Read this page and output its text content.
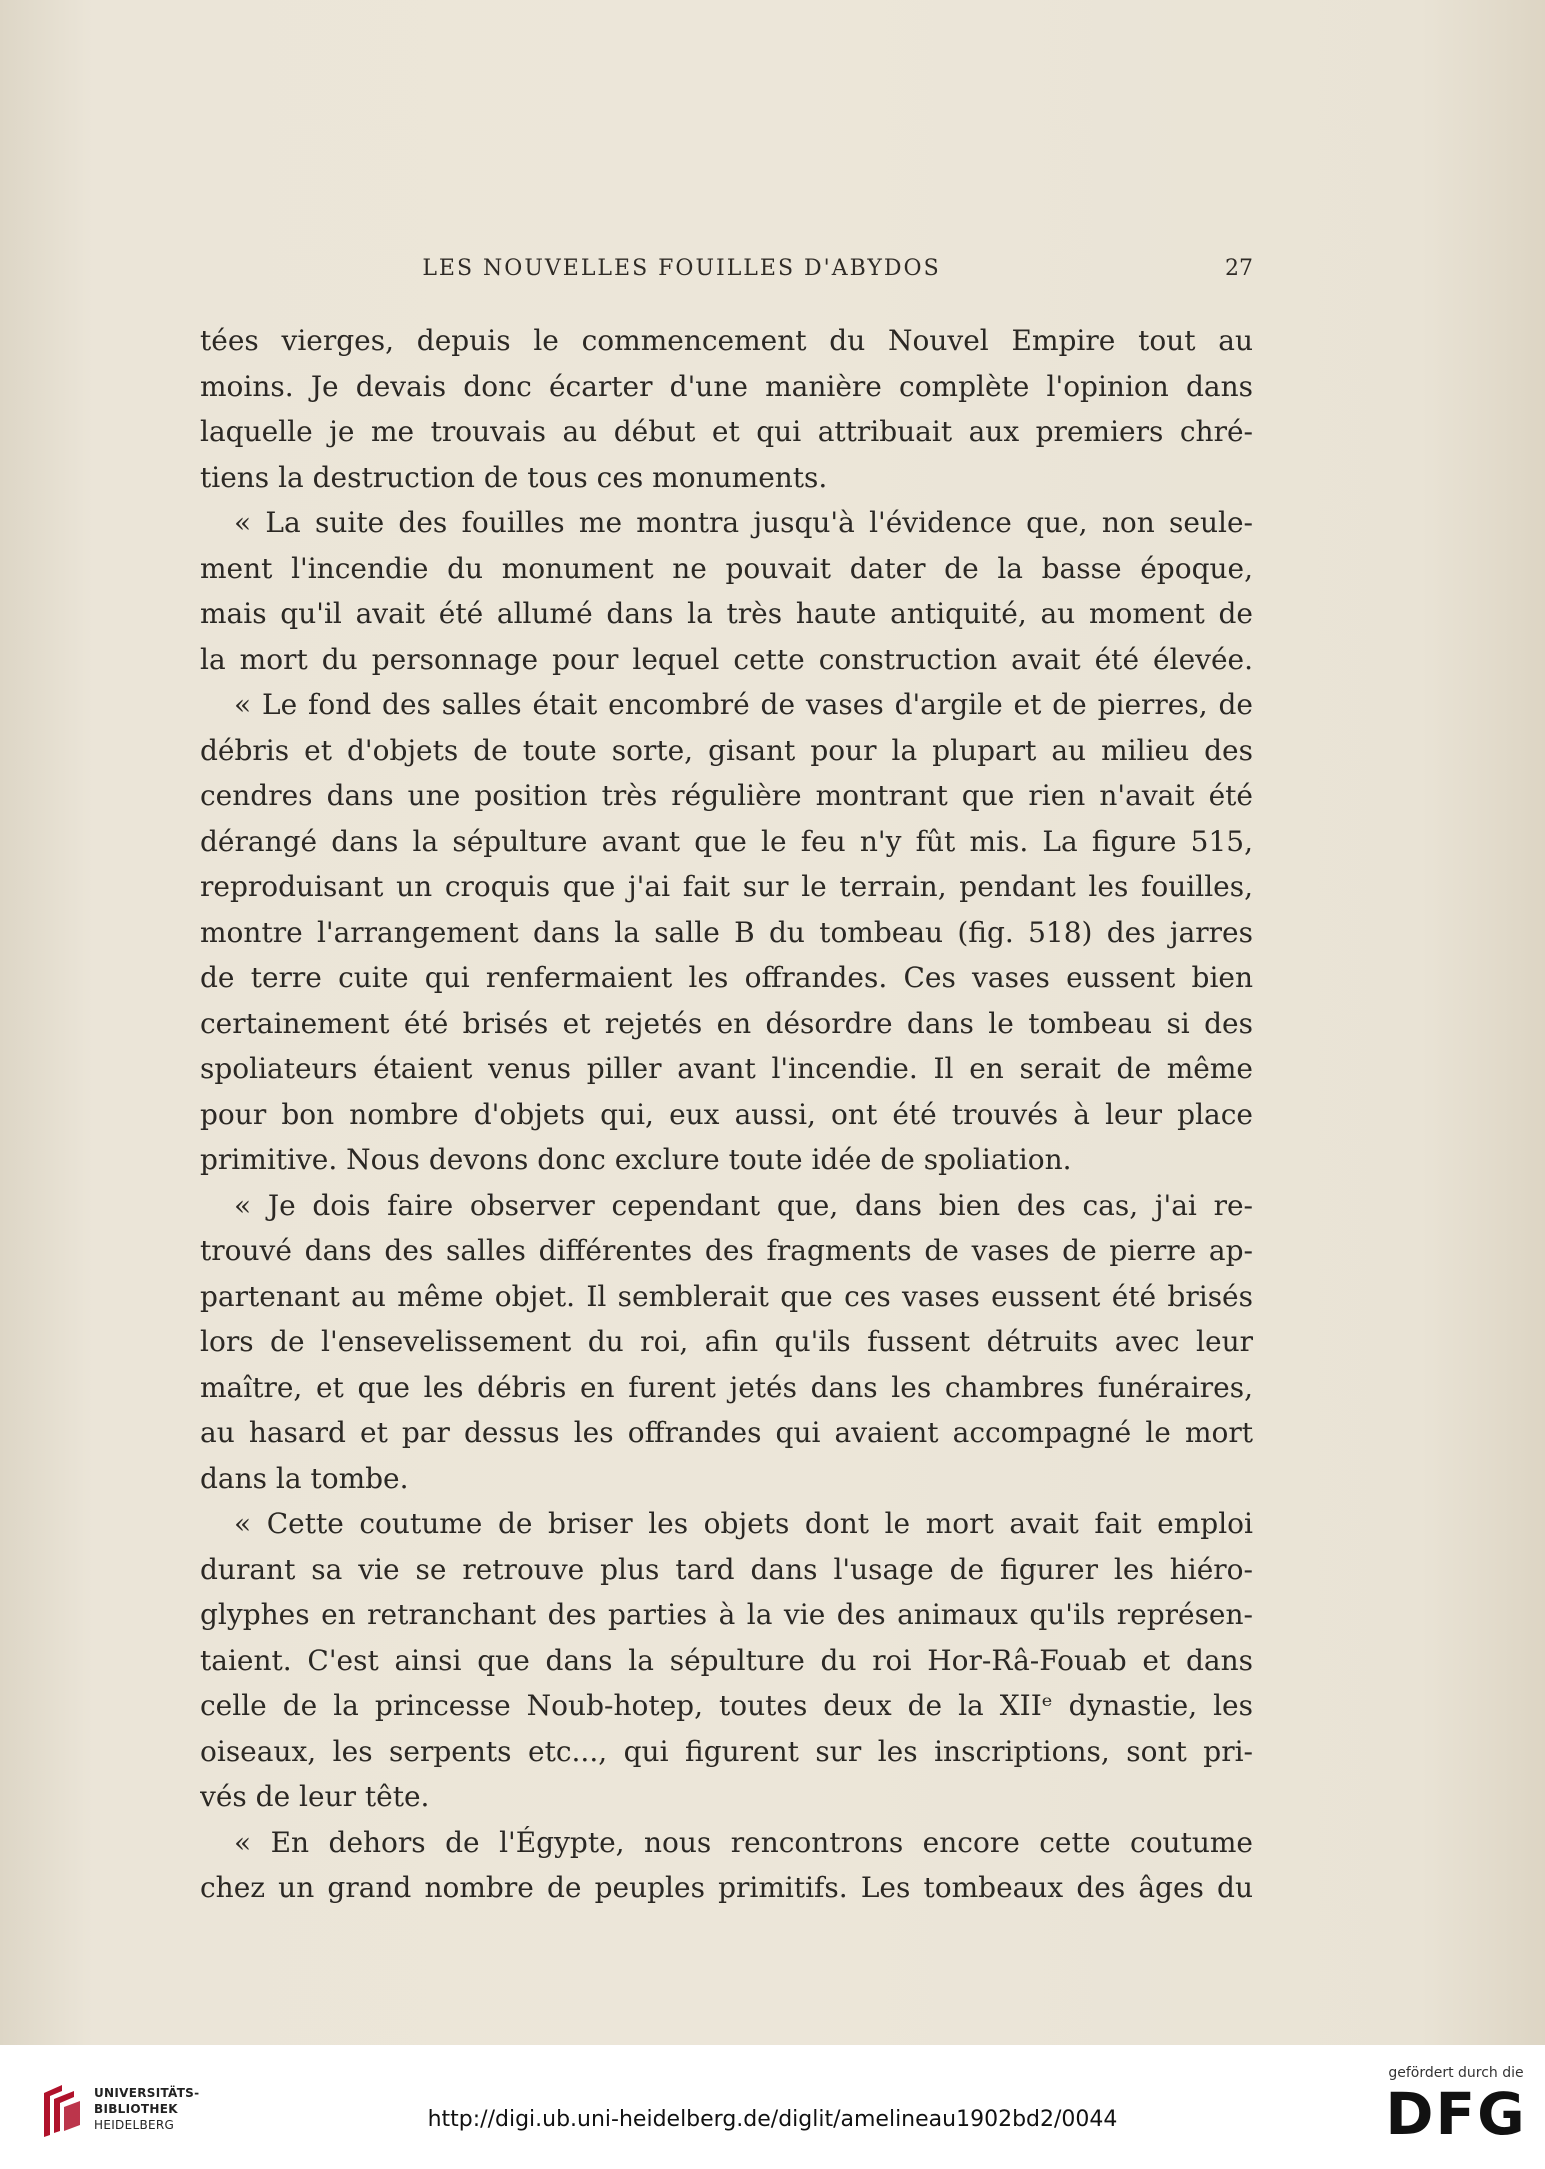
LES NOUVELLES FOUILLES D'ABYDOS	27
tées vierges, depuis le commencement du Nouvel Empire tout au
moins. Je devais donc écarter d'une manière complète l'opinion dans
laquelle je me trouvais au début et qui attribuait aux premiers chré-
tiens la destruction de tous ces monuments.
« La suite des fouilles me montra jusqu'à l'évidence que, non seule-
ment l'incendie du monument ne pouvait dater de la basse époque,
mais qu'il avait été allumé dans la très haute antiquité, au moment de
la mort du personnage pour lequel cette construction avait été élevée.
« Le fond des salles était encombré de vases d'argile et de pierres, de
débris et d'objets de toute sorte, gisant pour la plupart au milieu des
cendres dans une position très régulière montrant que rien n'avait été
dérangé dans la sépulture avant que le feu n'y fût mis. La figure 515,
reproduisant un croquis que j'ai fait sur le terrain, pendant les fouilles,
montre l'arrangement dans la salle B du tombeau (fig. 518) des jarres
de terre cuite qui renfermaient les offrandes. Ces vases eussent bien
certainement été brisés et rejetés en désordre dans le tombeau si des
spoliateurs étaient venus piller avant l'incendie. Il en serait de même
pour bon nombre d'objets qui, eux aussi, ont été trouvés à leur place
primitive. Nous devons donc exclure toute idée de spoliation.
« Je dois faire observer cependant que, dans bien des cas, j'ai re-
trouvé dans des salles différentes des fragments de vases de pierre ap-
partenant au même objet. Il semblerait que ces vases eussent été brisés
lors de l'ensevelissement du roi, afin qu'ils fussent détruits avec leur
maître, et que les débris en furent jetés dans les chambres funéraires,
au hasard et par dessus les offrandes qui avaient accompagné le mort
dans la tombe.
« Cette coutume de briser les objets dont le mort avait fait emploi
durant sa vie se retrouve plus tard dans l'usage de figurer les hiéro-
glyphes en retranchant des parties à la vie des animaux qu'ils représen-
taient. C'est ainsi que dans la sépulture du roi Hor-Râ-Fouab et dans
celle de la princesse Noub-hotep, toutes deux de la XIIᵉ dynastie, les
oiseaux, les serpents etc..., qui figurent sur les inscriptions, sont pri-
vés de leur tête.
« En dehors de l'Égypte, nous rencontrons encore cette coutume
chez un grand nombre de peuples primitifs. Les tombeaux des âges du
UNIVERSITÄTS-
BIBLIOTHEK
HEIDELBERG	http://digi.ub.uni-heidelberg.de/diglit/amelineau1902bd2/0044
gefördert durch die
DFG
